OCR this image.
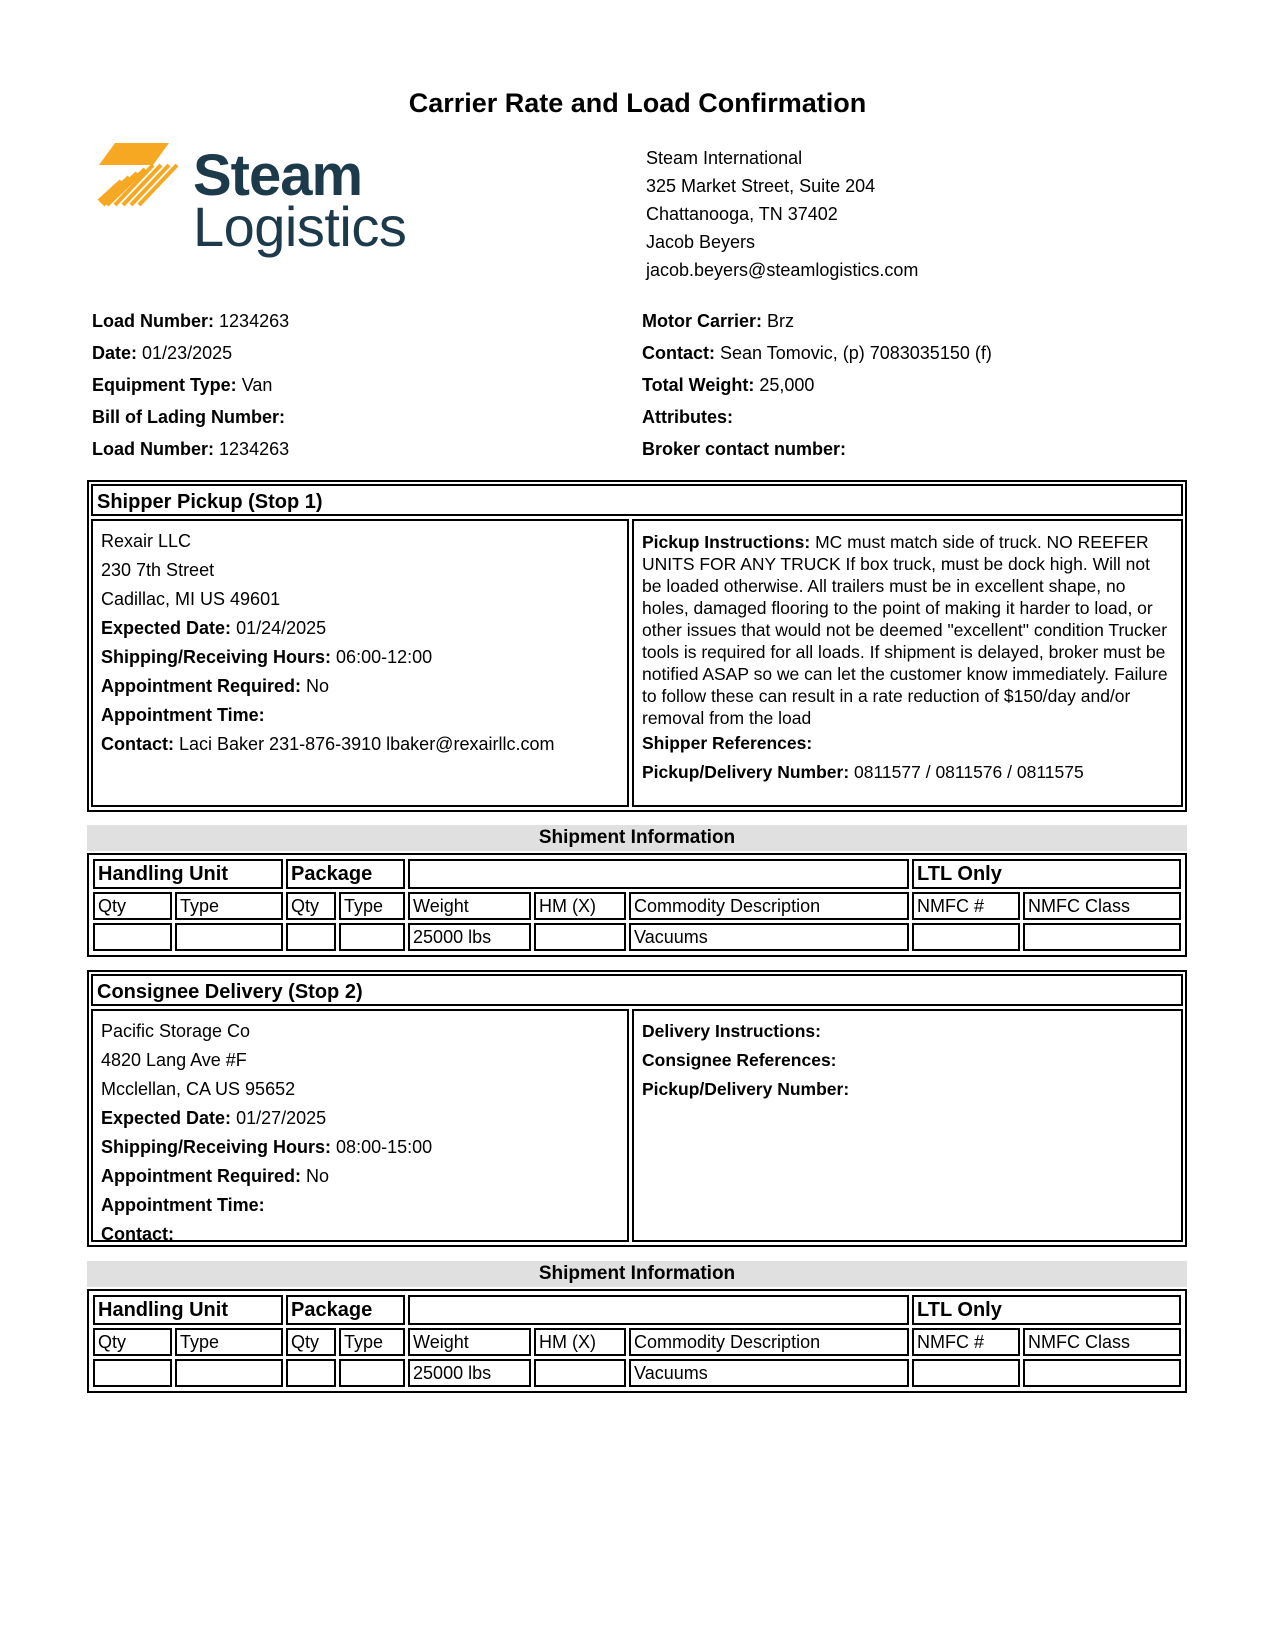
Carrier Rate and Load Confirmation
Steam
Logistics
Steam International
325 Market Street, Suite 204
Chattanooga, TN 37402
Jacob Beyers
jacob.beyers@steamlogistics.com
Load Number: 1234263
Date: 01/23/2025
Equipment Type: Van
Bill of Lading Number:
Load Number: 1234263
Motor Carrier: Brz
Contact: Sean Tomovic, (p) 7083035150 (f)
Total Weight: 25,000
Attributes:
Broker contact number:
Shipper Pickup (Stop 1)
Rexair LLC
230 7th Street
Cadillac, MI US 49601
Expected Date: 01/24/2025
Shipping/Receiving Hours: 06:00-12:00
Appointment Required: No
Appointment Time:
Contact: Laci Baker 231-876-3910 lbaker@rexairllc.com
Pickup Instructions: MC must match side of truck. NO REEFER UNITS FOR ANY TRUCK If box truck, must be dock high. Will not be loaded otherwise. All trailers must be in excellent shape, no holes, damaged flooring to the point of making it harder to load, or other issues that would not be deemed "excellent" condition Trucker tools is required for all loads. If shipment is delayed, broker must be notified ASAP so we can let the customer know immediately. Failure to follow these can result in a rate reduction of $150/day and/or removal from the load
Shipper References:
Pickup/Delivery Number: 0811577 / 0811576 / 0811575
Shipment Information
Handling Unit		Package					LTL Only	
Qty	Type	Qty	Type	Weight	HM (X)	Commodity Description	NMFC #	NMFC Class
				25000 lbs		Vacuums		
Consignee Delivery (Stop 2)
Pacific Storage Co
4820 Lang Ave #F
Mcclellan, CA US 95652
Expected Date: 01/27/2025
Shipping/Receiving Hours: 08:00-15:00
Appointment Required: No
Appointment Time:
Contact:
Delivery Instructions:
Consignee References:
Pickup/Delivery Number:
Shipment Information
Handling Unit		Package					LTL Only	
Qty	Type	Qty	Type	Weight	HM (X)	Commodity Description	NMFC #	NMFC Class
				25000 lbs		Vacuums		
